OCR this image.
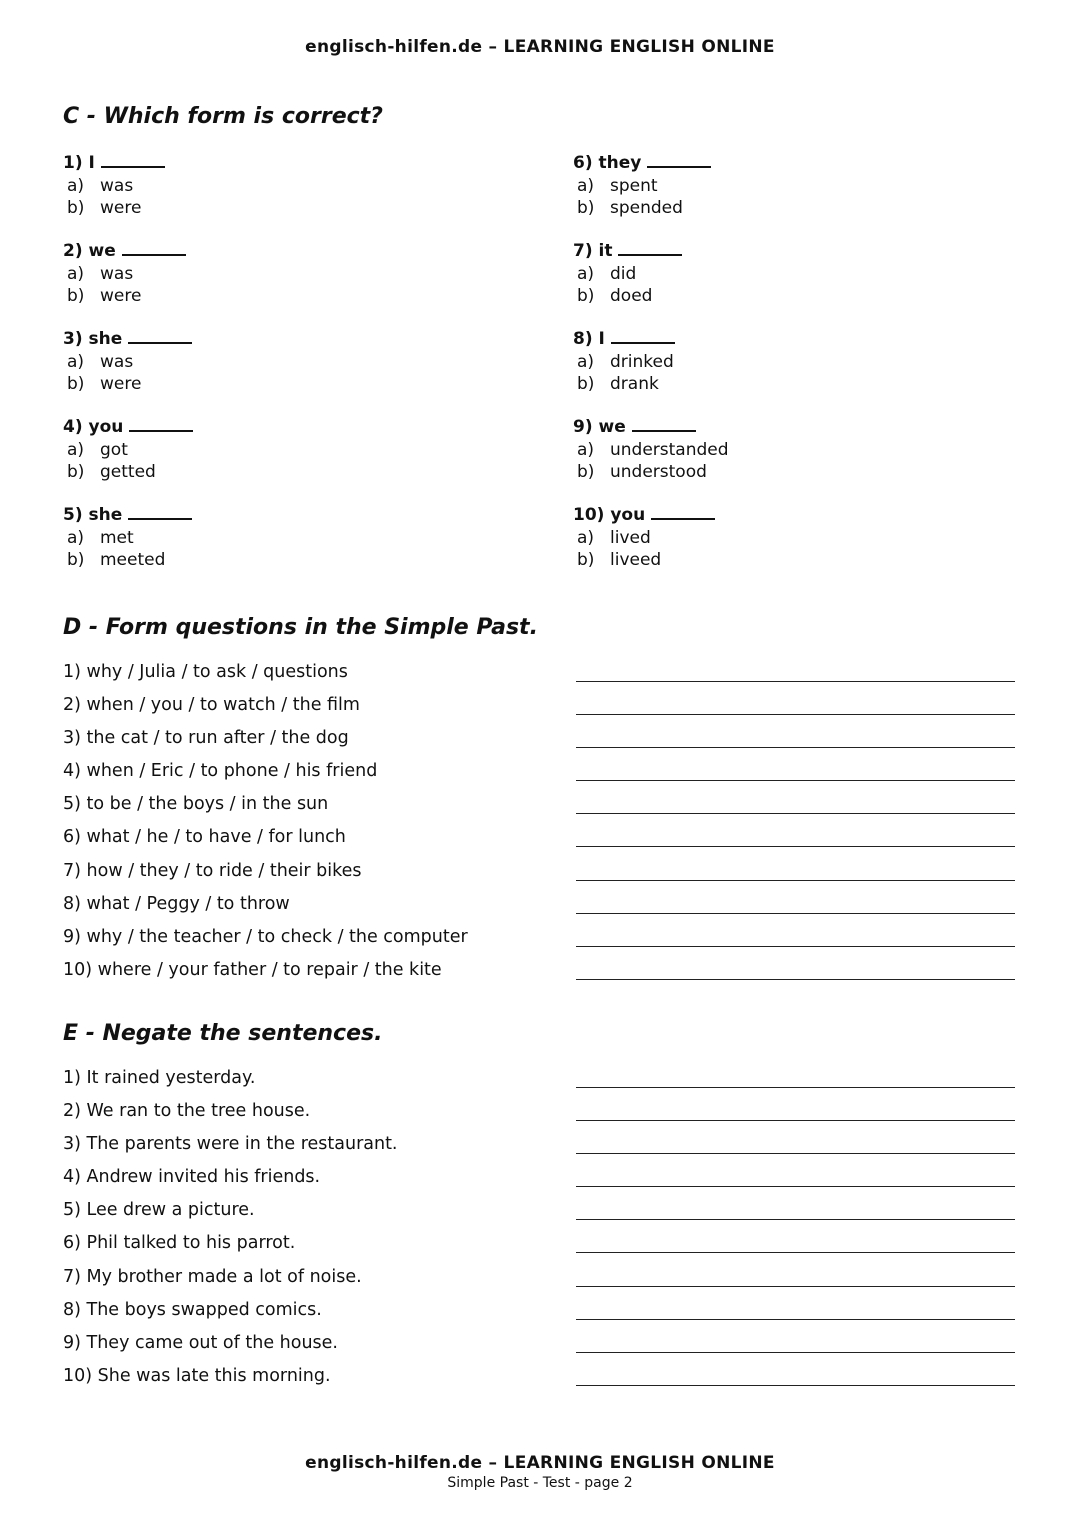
englisch-hilfen.de – LEARNING ENGLISH ONLINE
C - Which form is correct?
1) I
a) was
b) were
2) we
a) was
b) were
3) she
a) was
b) were
4) you
a) got
b) getted
5) she
a) met
b) meeted
6) they
a) spent
b) spended
7) it
a) did
b) doed
8) I
a) drinked
b) drank
9) we
a) understanded
b) understood
10) you
a) lived
b) liveed
D - Form questions in the Simple Past.
1) why / Julia / to ask / questions
2) when / you / to watch / the film
3) the cat / to run after / the dog
4) when / Eric / to phone / his friend
5) to be / the boys / in the sun
6) what / he / to have / for lunch
7) how / they / to ride / their bikes
8) what / Peggy / to throw
9) why / the teacher / to check / the computer
10) where / your father / to repair / the kite
E - Negate the sentences.
1) It rained yesterday.
2) We ran to the tree house.
3) The parents were in the restaurant.
4) Andrew invited his friends.
5) Lee drew a picture.
6) Phil talked to his parrot.
7) My brother made a lot of noise.
8) The boys swapped comics.
9) They came out of the house.
10) She was late this morning.
englisch-hilfen.de – LEARNING ENGLISH ONLINE
Simple Past - Test - page 2
